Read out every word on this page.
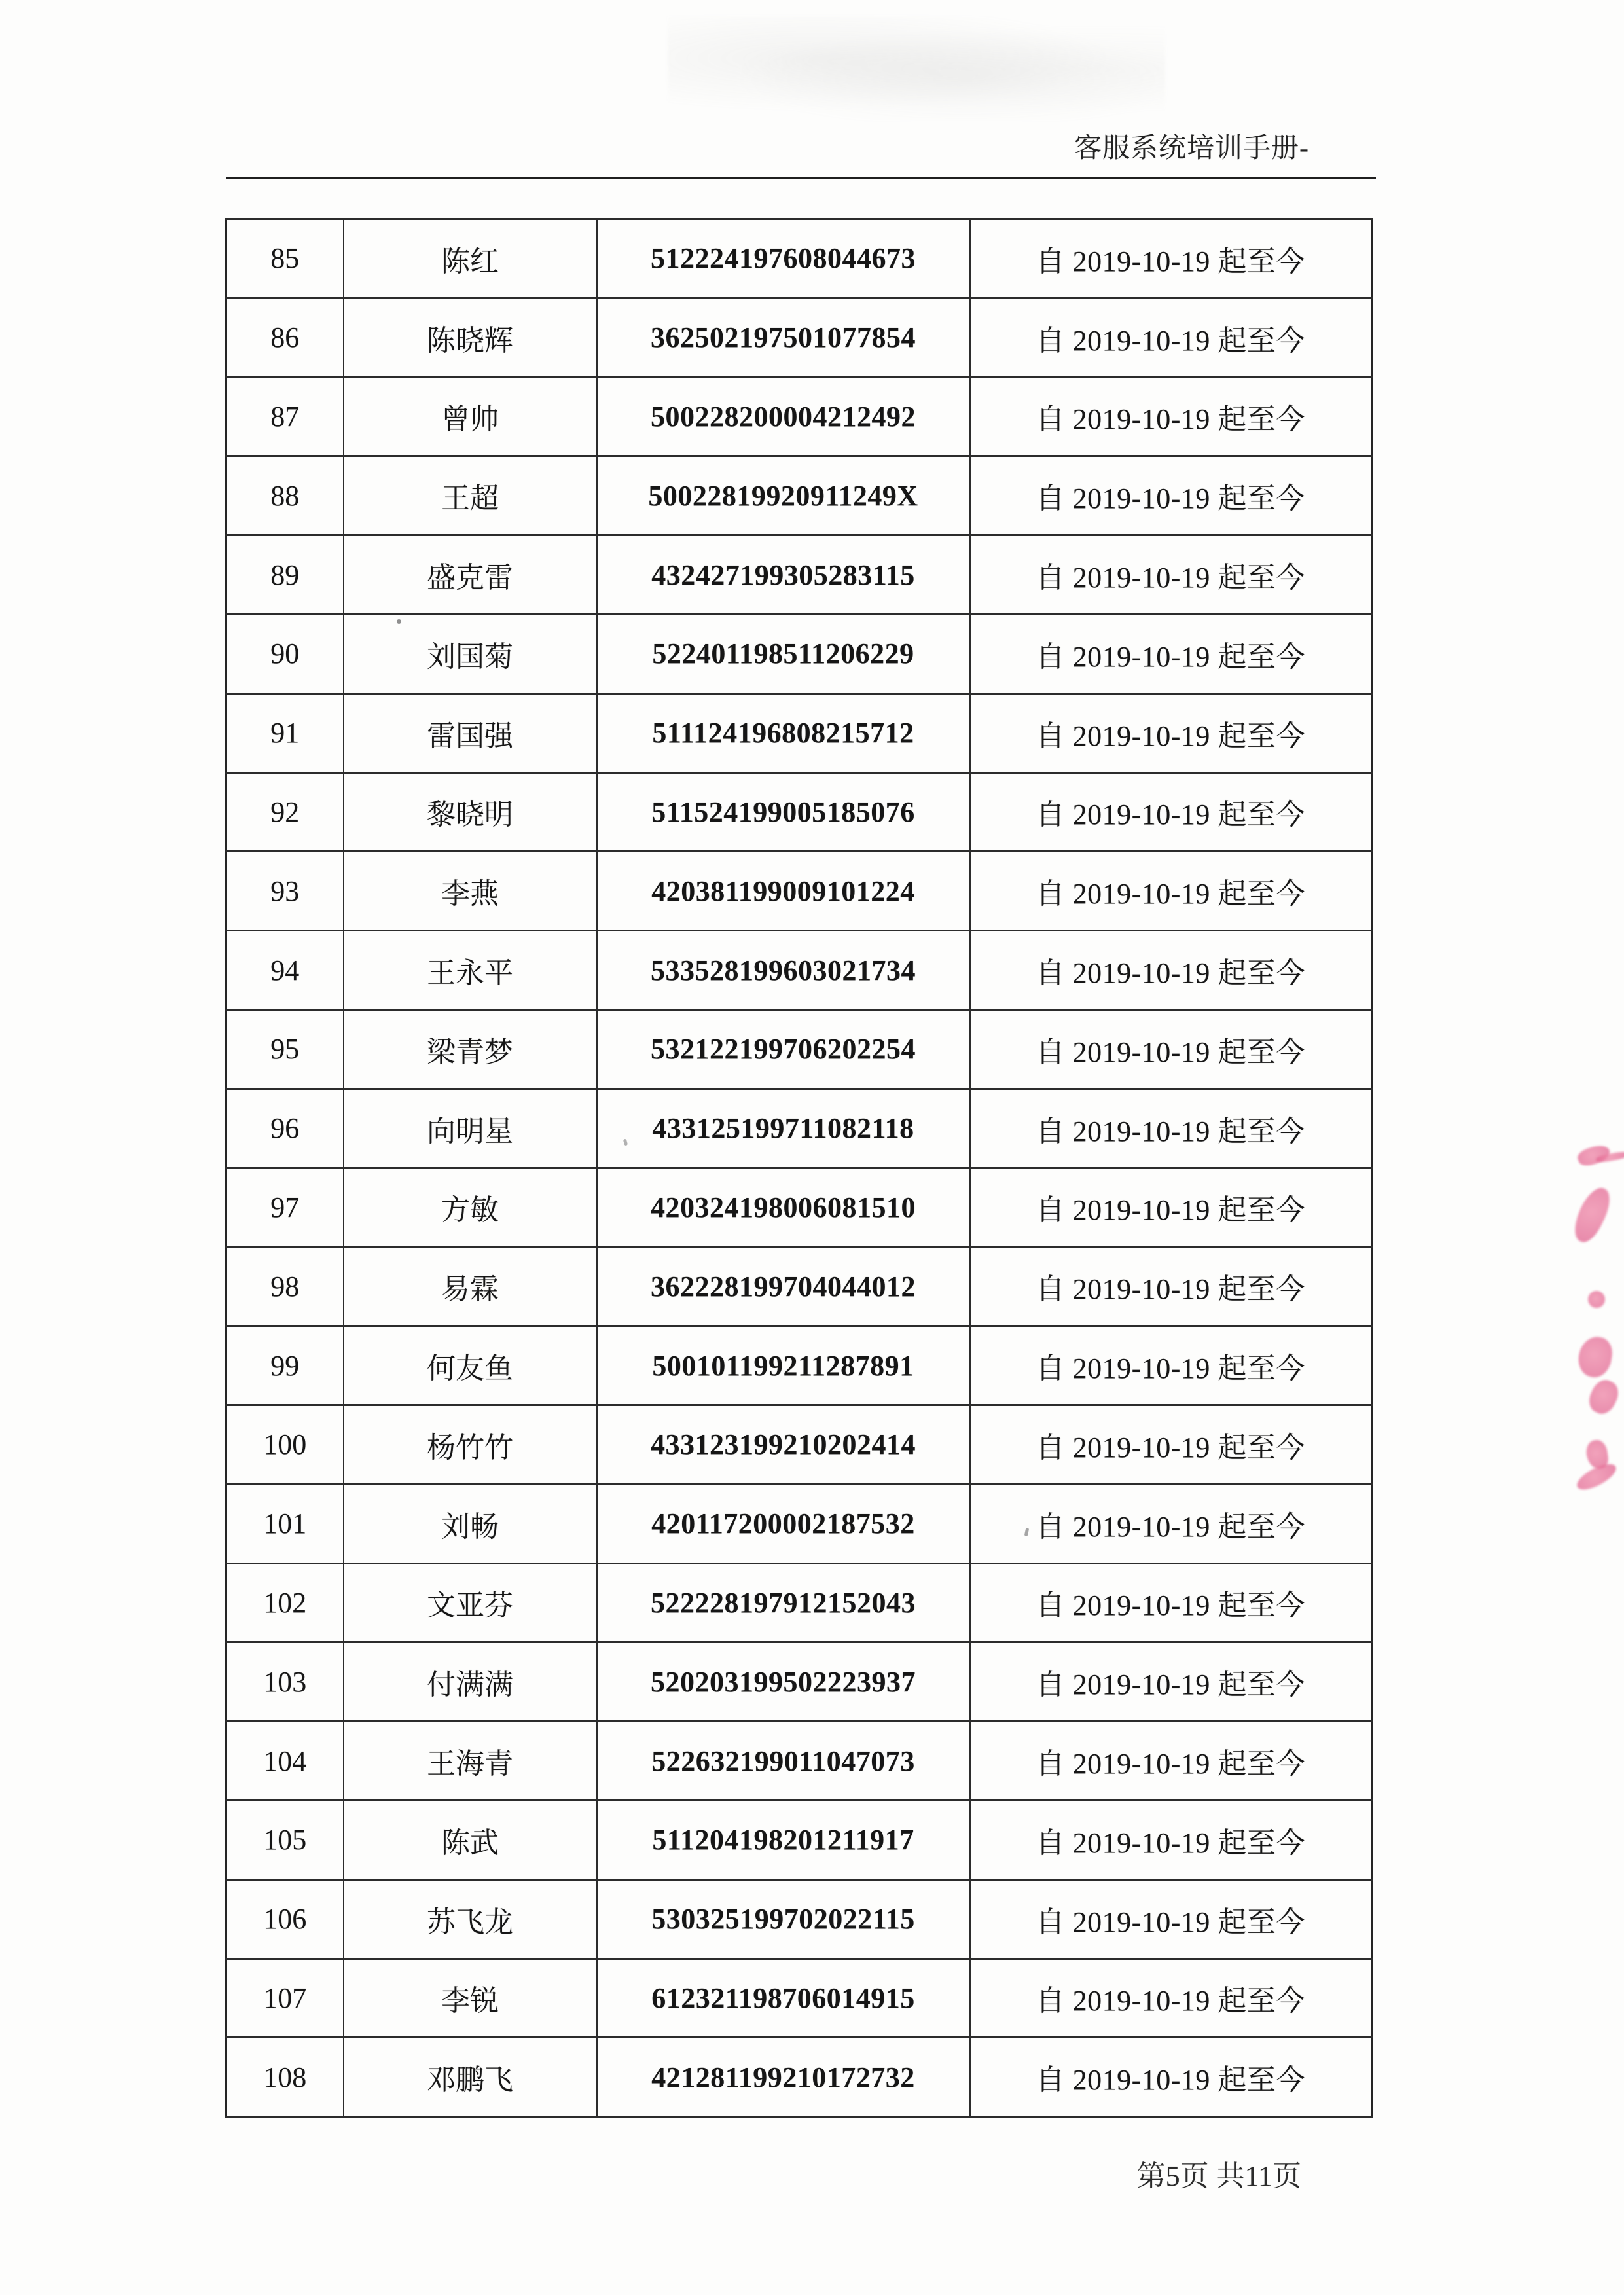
客服系统培训手册-
85	陈红	512224197608044673	自 2019-10-19 起至今
86	陈晓辉	362502197501077854	自 2019-10-19 起至今
87	曾帅	500228200004212492	自 2019-10-19 起至今
88	王超	50022819920911249X	自 2019-10-19 起至今
89	盛克雷	432427199305283115	自 2019-10-19 起至今
90	刘国菊	522401198511206229	自 2019-10-19 起至今
91	雷国强	511124196808215712	自 2019-10-19 起至今
92	黎晓明	511524199005185076	自 2019-10-19 起至今
93	李燕	420381199009101224	自 2019-10-19 起至今
94	王永平	533528199603021734	自 2019-10-19 起至今
95	梁青梦	532122199706202254	自 2019-10-19 起至今
96	向明星	433125199711082118	自 2019-10-19 起至今
97	方敏	420324198006081510	自 2019-10-19 起至今
98	易霖	362228199704044012	自 2019-10-19 起至今
99	何友鱼	500101199211287891	自 2019-10-19 起至今
100	杨竹竹	433123199210202414	自 2019-10-19 起至今
101	刘畅	420117200002187532	自 2019-10-19 起至今
102	文亚芬	522228197912152043	自 2019-10-19 起至今
103	付满满	520203199502223937	自 2019-10-19 起至今
104	王海青	522632199011047073	自 2019-10-19 起至今
105	陈武	511204198201211917	自 2019-10-19 起至今
106	苏飞龙	530325199702022115	自 2019-10-19 起至今
107	李锐	612321198706014915	自 2019-10-19 起至今
108	邓鹏飞	421281199210172732	自 2019-10-19 起至今
第5页 共11页
